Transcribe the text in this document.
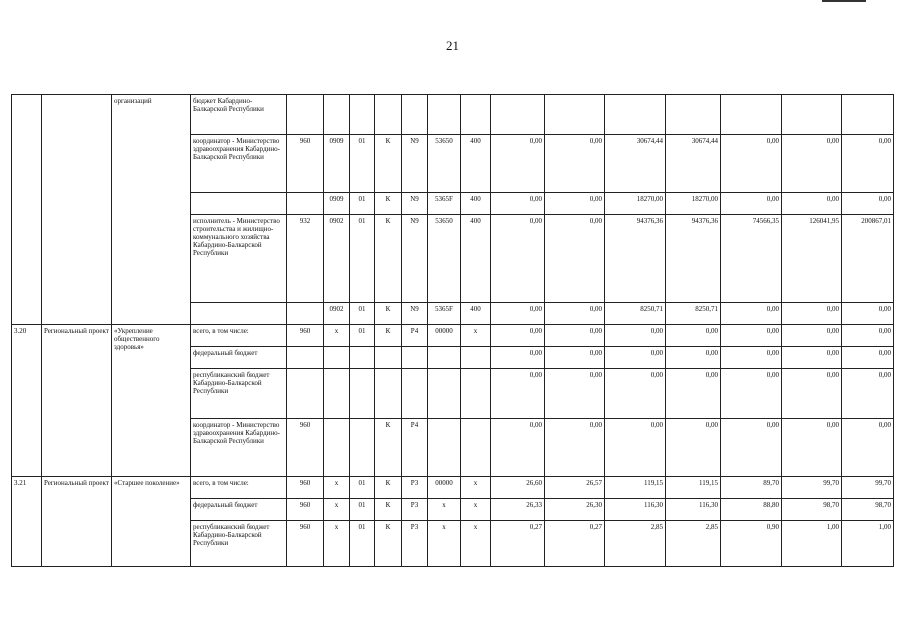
21
		организаций	бюджет Кабардино-Балкарской Республики														
			координатор - Министерство здравоохранения Кабардино-Балкарской Республики	960	0909	01	К	N9	53650	400	0,00	0,00	30674,44	30674,44	0,00	0,00	0,00
					0909	01	К	N9	5365F	400	0,00	0,00	18270,00	18270,00	0,00	0,00	0,00
			исполнитель - Министерство строительства и жилищно-коммунального хозяйства Кабардино-Балкарской Республики	932	0902	01	К	N9	53650	400	0,00	0,00	94376,36	94376,36	74566,35	126041,95	200867,01
					0902	01	К	N9	5365F	400	0,00	0,00	8250,71	8250,71	0,00	0,00	0,00
3.20	Региональный проект	«Укрепление общественного здоровья»	всего, в том числе:	960	х	01	К	Р4	00000	х	0,00	0,00	0,00	0,00	0,00	0,00	0,00
			федеральный бюджет								0,00	0,00	0,00	0,00	0,00	0,00	0,00
			республиканский бюджет Кабардино-Балкарской Республики								0,00	0,00	0,00	0,00	0,00	0,00	0,00
			координатор - Министерство здравоохранения Кабардино-Балкарской Республики	960			К	Р4			0,00	0,00	0,00	0,00	0,00	0,00	0,00
3.21	Региональный проект	«Старшее поколение»	всего, в том числе:	960	х	01	К	Р3	00000	х	26,60	26,57	119,15	119,15	89,70	99,70	99,70
			федеральный бюджет	960	х	01	К	Р3	х	х	26,33	26,30	116,30	116,30	88,80	98,70	98,70
			республиканский бюджет Кабардино-Балкарской Республики	960	х	01	К	Р3	х	х	0,27	0,27	2,85	2,85	0,90	1,00	1,00
